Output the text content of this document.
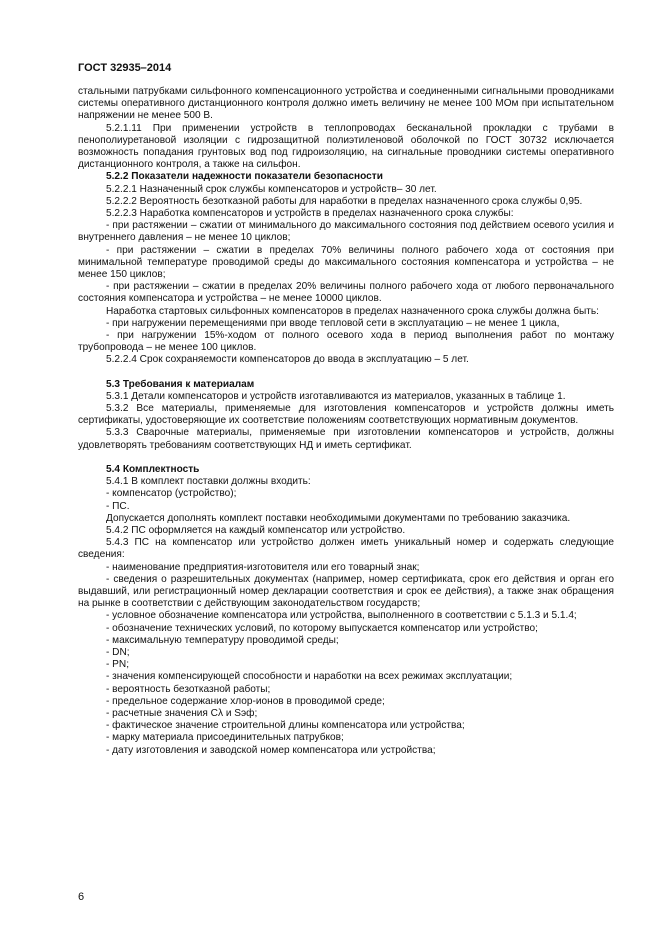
ГОСТ 32935–2014

стальными патрубками сильфонного компенсационного устройства и соединенными сигнальными проводниками системы оперативного дистанционного контроля должно иметь величину не менее 100 МОм при испытательном напряжении не менее 500 В.

5.2.1.11 При применении устройств в теплопроводах бесканальной прокладки с трубами в пенополиуретановой изоляции с гидрозащитной полиэтиленовой оболочкой по ГОСТ 30732 исключается возможность попадания грунтовых вод под гидроизоляцию, на сигнальные проводники системы оперативного дистанционного контроля, а также на сильфон.

5.2.2 Показатели надежности показатели безопасности

5.2.2.1 Назначенный срок службы компенсаторов и устройств– 30 лет.

5.2.2.2 Вероятность безотказной работы для наработки в пределах назначенного срока службы 0,95.

5.2.2.3 Наработка компенсаторов и устройств в пределах назначенного срока службы:

- при растяжении – сжатии от минимального до максимального состояния под действием осевого усилия и внутреннего давления – не менее 10 циклов;

- при растяжении – сжатии в пределах 70% величины полного рабочего хода от состояния при минимальной температуре проводимой среды до максимального состояния компенсатора и устройства – не менее 150 циклов;

- при растяжении – сжатии в пределах 20% величины полного рабочего хода от любого первоначального состояния компенсатора и устройства – не менее 10000 циклов.

Наработка стартовых сильфонных компенсаторов в пределах назначенного срока службы должна быть:

- при нагружении перемещениями при вводе тепловой сети в эксплуатацию – не менее 1 цикла,

- при нагружении 15%-ходом от полного осевого хода в период выполнения работ по монтажу трубопровода – не менее 100 циклов.

5.2.2.4 Срок сохраняемости компенсаторов до ввода в эксплуатацию – 5 лет.

5.3 Требования к материалам

5.3.1 Детали компенсаторов и устройств изготавливаются из материалов, указанных в таблице 1.

5.3.2 Все материалы, применяемые для изготовления компенсаторов и устройств должны иметь сертификаты, удостоверяющие их соответствие положениям соответствующих нормативным документов.

5.3.3 Сварочные материалы, применяемые при изготовлении компенсаторов и устройств, должны удовлетворять требованиям соответствующих НД и иметь сертификат.

5.4 Комплектность

5.4.1 В комплект поставки должны входить:

- компенсатор (устройство);

- ПС.

Допускается дополнять комплект поставки необходимыми документами по требованию заказчика.

5.4.2 ПС оформляется на каждый компенсатор или устройство.

5.4.3 ПС на компенсатор или устройство должен иметь уникальный номер и содержать следующие сведения:

- наименование предприятия-изготовителя или его товарный знак;

- сведения о разрешительных документах (например, номер сертификата, срок его действия и орган его выдавший, или регистрационный номер декларации соответствия и срок ее действия), а также знак обращения на рынке в соответствии с действующим законодательством государств;

- условное обозначение компенсатора или устройства, выполненного в соответствии с 5.1.3 и 5.1.4;

- обозначение технических условий, по которому выпускается компенсатор или устройство;

- максимальную температуру проводимой среды;

- DN;

- PN;

- значения компенсирующей способности и наработки на всех режимах эксплуатации;

- вероятность безотказной работы;

- предельное содержание хлор-ионов в проводимой среде;

- расчетные значения Cλ и Sэф;

- фактическое значение строительной длины компенсатора или устройства;

- марку материала присоединительных патрубков;

- дату изготовления и заводской номер компенсатора или устройства;

6
